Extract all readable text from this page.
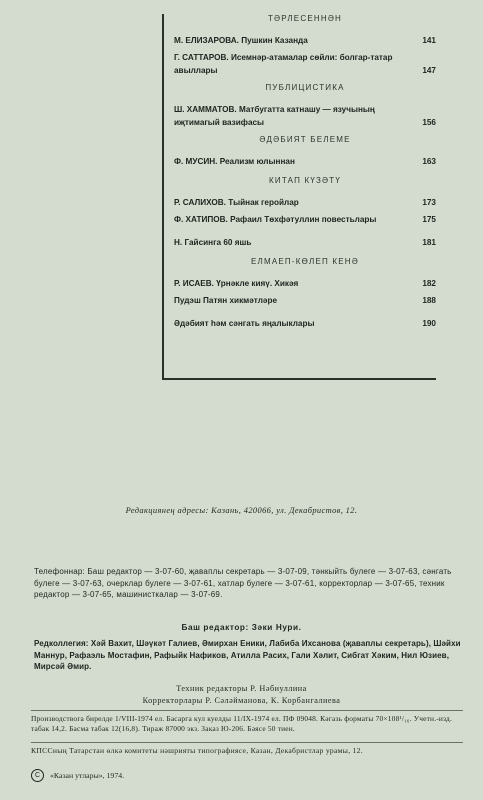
ТӘРЛЕСЕННӘН
М. ЕЛИЗАРОВА. Пушкин Казанда	141
Г. САТТАРОВ. Исемнәр-атамалар сөйли: болгар-татар авыллары	147
ПУБЛИЦИСТИКА
Ш. ХАММАТОВ. Матбугатта катнашу — язучының иҗтимагый вазифасы	156
ӘДӘБИЯТ БЕЛЕМЕ
Ф. МУСИН. Реализм юлыннан	163
КИТАП КҮЗӘТҮ
Р. САЛИХОВ. Тыйнак геройлар	173
Ф. ХАТИПОВ. Рафаил Төхфәтуллин повестьлары	175
Н. Гайсинга 60 яшь	181
ЕЛМАЕП-КӨЛЕП КЕНӘ
Р. ИСАЕВ. Үрнәкле кияү. Хикәя	182
Пудэш Патян хикмәтләре	188
Әдәбият һәм сәнгать яңалыклары	190
Редакциянең адресы: Казань, 420066, ул. Декабристов, 12.
Телефоннар: Баш редактор — 3-07-60, җаваплы секретарь — 3-07-09, тәнкыйть булеге — 3-07-63, сәнгать булеге — 3-07-63, очерклар булеге — 3-07-61, хатлар булеге — 3-07-61, корректорлар — 3-07-65, техник редактор — 3-07-65, машинисткалар — 3-07-69.
Баш редактор: Зәки Нури.
Редколлегия: Хәй Вахит, Шәүкәт Галиев, Әмирхан Еники, Лабиба Ихсанова (җаваплы секретарь), Шәйхи Маннур, Рафаэль Мостафин, Рафыйк Нафиков, Атилла Расих, Гали Хәлит, Сибгат Хәким, Нил Юзиев, Мирсәй Әмир.
Техник редакторы Р. Нәбиуллина
Корректорлары Р. Сәләйманова, К. Корбангалиева
Производствога бирелде 1/VIII-1974 ел. Басарга кул куелды 11/IX-1974 ел. ПФ 09048. Кәгазь форматы 70×108¹/₁₆. Учетн.-изд. табак 14,2. Басма табак 12(16,8). Тираж 87000 экз. Заказ Ю-206. Бәясе 50 тиен.
КПССның Татарстан өлкә комитеты нәшрияты типографиясе, Казан, Декабристлар урамы, 12.
C	«Казан утлары», 1974.
